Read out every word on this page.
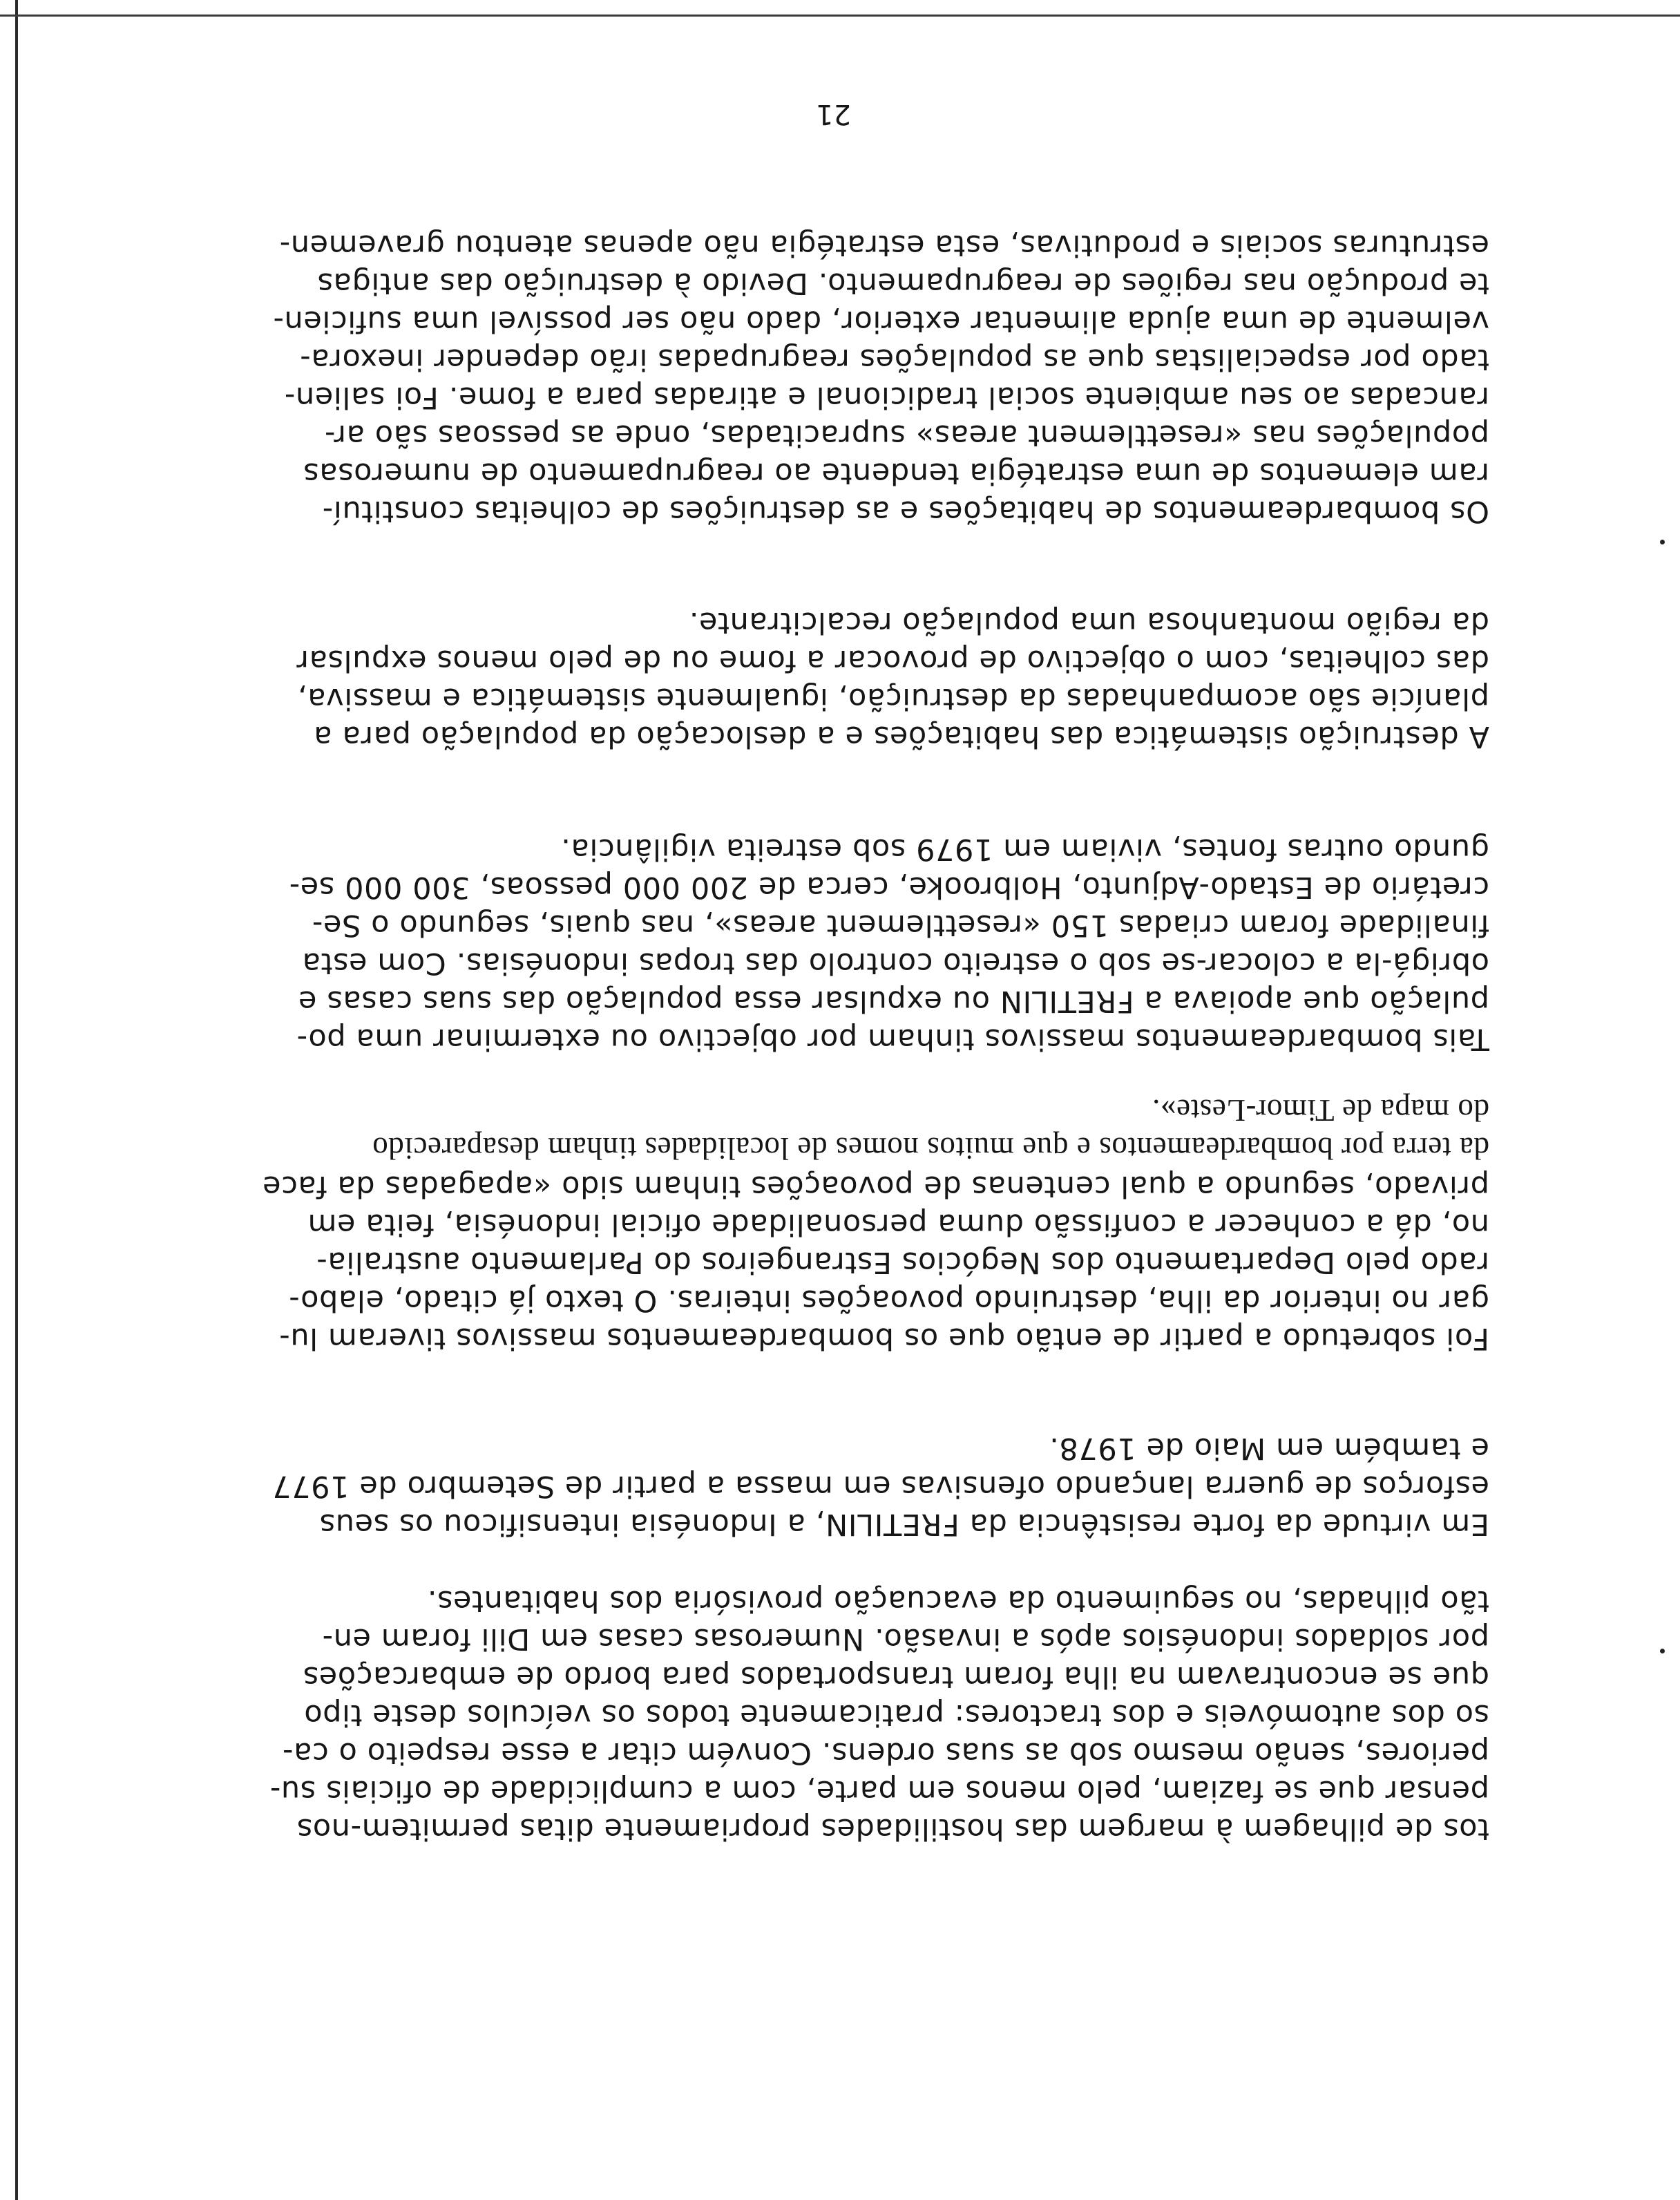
tos de pilhagem à margem das hostilidades propriamente ditas permitem-nos
pensar que se faziam, pelo menos em parte, com a cumplicidade de oficiais su-
periores, senão mesmo sob as suas ordens. Convém citar a esse respeito o ca-
so dos automóveis e dos tractores: praticamente todos os veículos deste tipo
que se encontravam na ilha foram transportados para bordo de embarcações
por soldados indonésios após a invasão. Numerosas casas em Dili foram en-
tão pilhadas, no seguimento da evacuação provisória dos habitantes.

Em virtude da forte resistência da FRETILIN, a Indonésia intensificou os seus
esforços de guerra lançando ofensivas em massa a partir de Setembro de 1977
e também em Maio de 1978.

Foi sobretudo a partir de então que os bombardeamentos massivos tiveram lu-
gar no interior da ilha, destruindo povoações inteiras. O texto já citado, elabo-
rado pelo Departamento dos Negócios Estrangeiros do Parlamento australia-
no, dá a conhecer a confissão duma personalidade oficial indonésia, feita em
privado, segundo a qual centenas de povoações tinham sido «apagadas da face
da terra por bombardeamentos e que muitos nomes de localidades tinham desaparecido
do mapa de Timor-Leste».

Tais bombardeamentos massivos tinham por objectivo ou exterminar uma po-
pulação que apoiava a FRETILIN ou expulsar essa população das suas casas e
obrigá-la a colocar-se sob o estreito controlo das tropas indonésias. Com esta
finalidade foram criadas 150 «resettlement areas», nas quais, segundo o Se-
cretário de Estado-Adjunto, Holbrooke, cerca de 200 000 pessoas, 300 000 se-
gundo outras fontes, viviam em 1979 sob estreita vigilância.

A destruição sistemática das habitações e a deslocação da população para a
planície são acompanhadas da destruição, igualmente sistemática e massiva,
das colheitas, com o objectivo de provocar a fome ou de pelo menos expulsar
da região montanhosa uma população recalcitrante.

Os bombardeamentos de habitações e as destruições de colheitas constituí-
ram elementos de uma estratégia tendente ao reagrupamento de numerosas
populações nas «resettlement areas» supracitadas, onde as pessoas são ar-
rancadas ao seu ambiente social tradicional e atiradas para a fome. Foi salien-
tado por especialistas que as populações reagrupadas irão depender inexora-
velmente de uma ajuda alimentar exterior, dado não ser possível uma suficien-
te produção nas regiões de reagrupamento. Devido à destruição das antigas
estruturas sociais e produtivas, esta estratégia não apenas atentou gravemen-

21
